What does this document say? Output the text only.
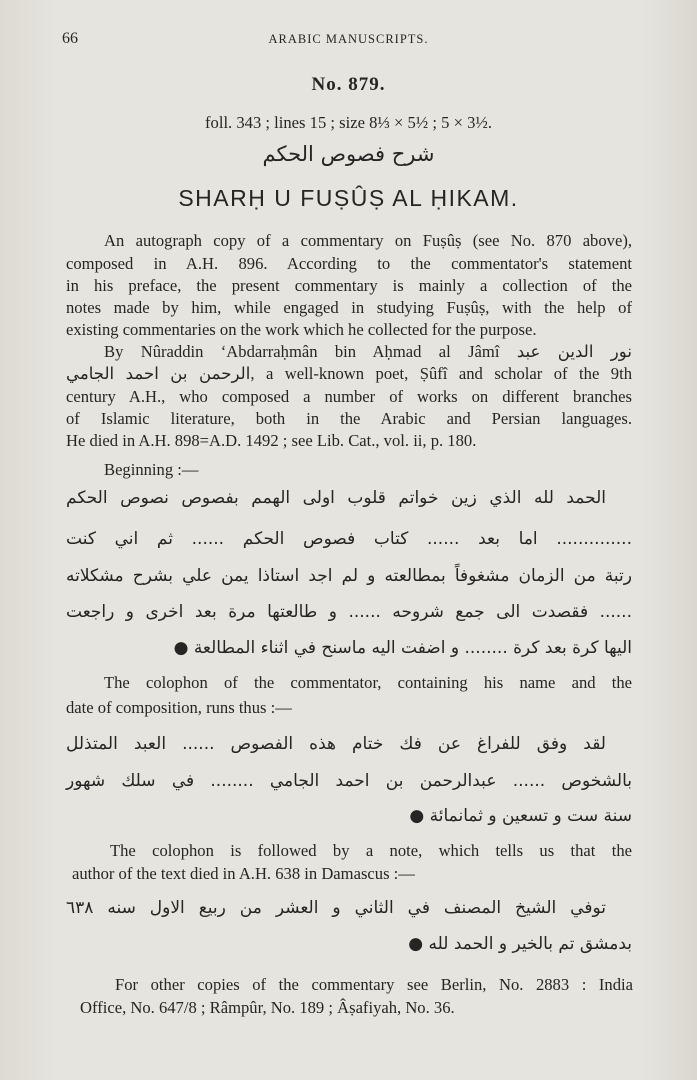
66	ARABIC MANUSCRIPTS.
No. 879.
foll. 343 ; lines 15 ; size 8⅓ × 5½ ; 5 × 3½.
شرح فصوص الحكم
SHARḤ U FUṢÛṢ AL ḤIKAM.
An autograph copy of a commentary on Fuṣûṣ (see No. 870 above),
composed in A.H. 896. According to the commentator's statement
in his preface, the present commentary is mainly a collection of the
notes made by him, while engaged in studying Fuṣûṣ, with the help of
existing commentaries on the work which he collected for the purpose.
By Nûraddin ‘Abdarraḥmân bin Aḥmad al Jâmî نور الدين عبد
الرحمن بن احمد الجامي, a well-known poet, Ṣûfî and scholar of the 9th
century A.H., who composed a number of works on different branches
of Islamic literature, both in the Arabic and Persian languages.
He died in A.H. 898=A.D. 1492 ; see Lib. Cat., vol. ii, p. 180.
Beginning :—
الحمد لله الذي زين خواتم قلوب اولى الهمم بفصوص نصوص الحكم
.............. اما بعد ...... كتاب فصوص الحكم ...... ثم اني كنت
رتبة من الزمان مشغوفاً بمطالعته و لم اجد استاذا يمن علي بشرح مشكلاته
...... فقصدت الى جمع شروحه ...... و طالعتها مرة بعد اخرى و راجعت
اليها كرة بعد كرة ........ و اضفت اليه ماسنح في اثناء المطالعة ●
The colophon of the commentator, containing his name and the
date of composition, runs thus :—
لقد وفق للفراغ عن فك ختام هذه الفصوص ...... العبد المتذلل
بالشخوص ...... عبدالرحمن بن احمد الجامي ........ في سلك شهور
سنة ست و تسعين و ثمانمائة ●
The colophon is followed by a note, which tells us that the
author of the text died in A.H. 638 in Damascus :—
توفي الشيخ المصنف في الثاني و العشر من ربيع الاول سنه ٦٣٨
بدمشق تم بالخير و الحمد لله ●
For other copies of the commentary see Berlin, No. 2883 : India
Office, No. 647/8 ; Râmpûr, No. 189 ; Âṣafiyah, No. 36.
